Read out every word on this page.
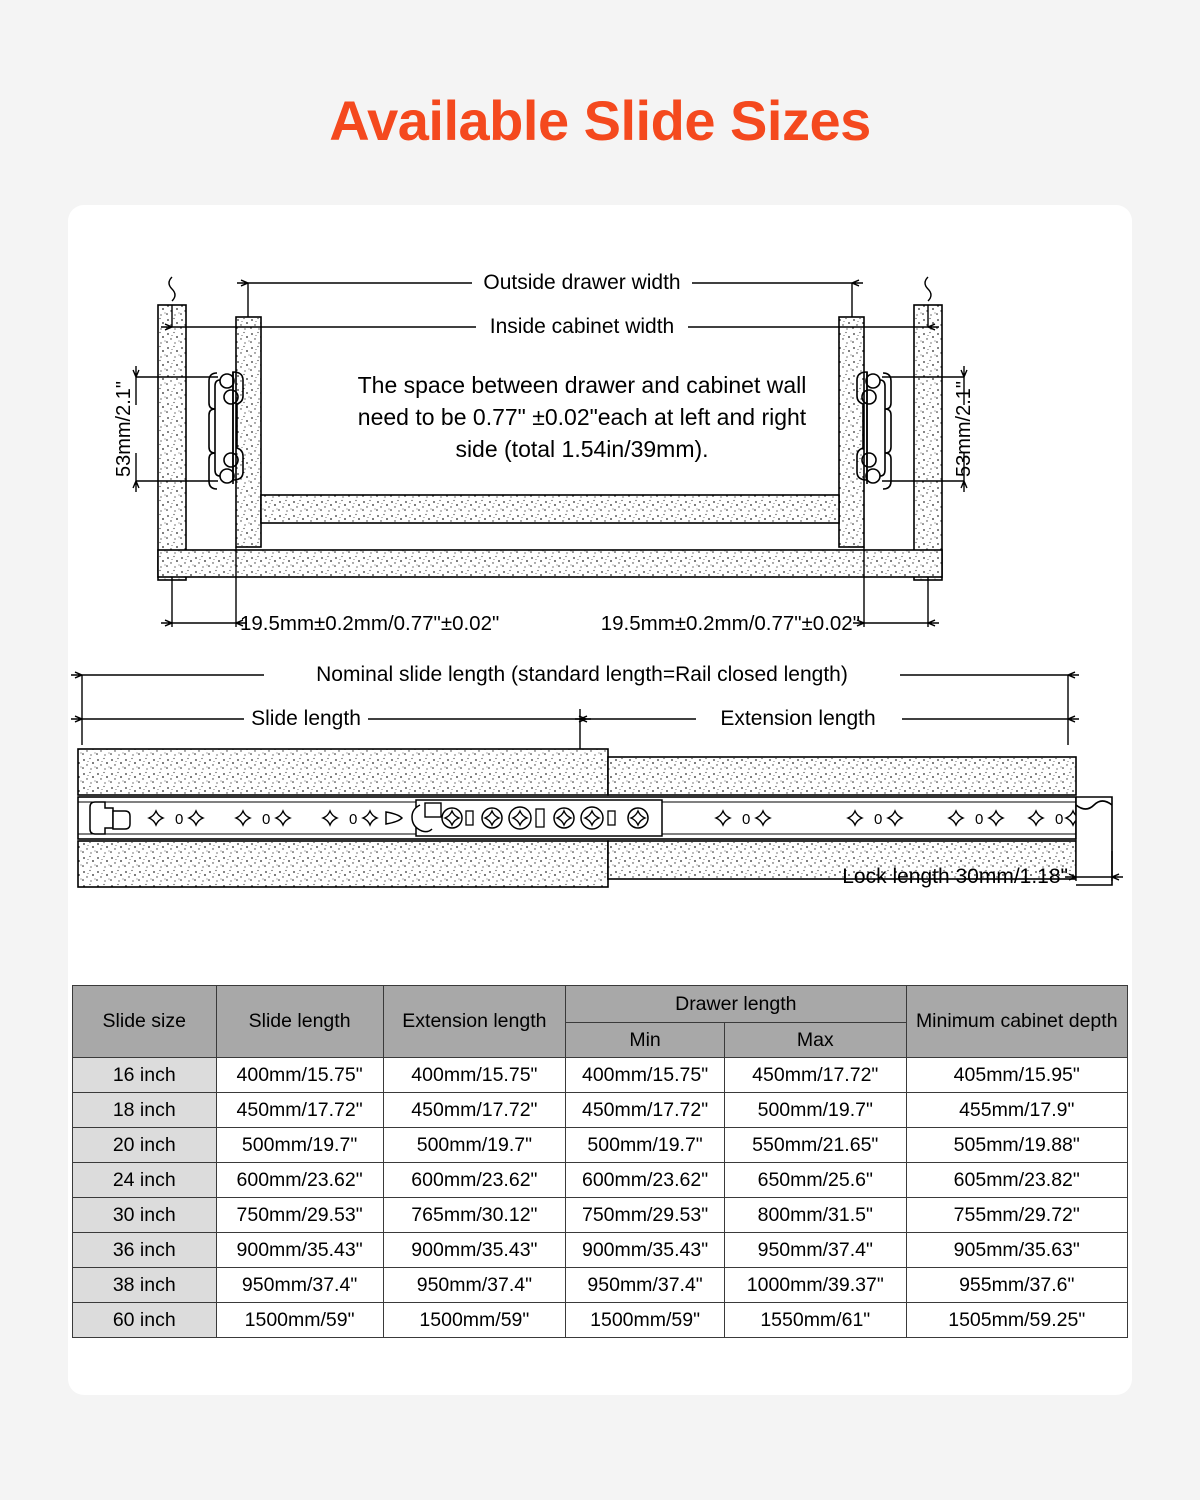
Available Slide Sizes
Outside drawer width
Inside cabinet width
The space between drawer and cabinet wall
need to be 0.77" ±0.02"each at left and right
side (total 1.54in/39mm).
53mm/2.1"	53mm/2.1"
19.5mm±0.2mm/0.77"±0.02"	19.5mm±0.2mm/0.77"±0.02"
Nominal slide length (standard length=Rail closed length)
Slide length	Extension length
0	0	0	0	0	0	0
Lock length 30mm/1.18"
Slide size	Slide length	Extension length	Drawer length		Minimum cabinet depth
			Min	Max	
16 inch	400mm/15.75"	400mm/15.75"	400mm/15.75"	450mm/17.72"	405mm/15.95"
18 inch	450mm/17.72"	450mm/17.72"	450mm/17.72"	500mm/19.7"	455mm/17.9"
20 inch	500mm/19.7"	500mm/19.7"	500mm/19.7"	550mm/21.65"	505mm/19.88"
24 inch	600mm/23.62"	600mm/23.62"	600mm/23.62"	650mm/25.6"	605mm/23.82"
30 inch	750mm/29.53"	765mm/30.12"	750mm/29.53"	800mm/31.5"	755mm/29.72"
36 inch	900mm/35.43"	900mm/35.43"	900mm/35.43"	950mm/37.4"	905mm/35.63"
38 inch	950mm/37.4"	950mm/37.4"	950mm/37.4"	1000mm/39.37"	955mm/37.6"
60 inch	1500mm/59"	1500mm/59"	1500mm/59"	1550mm/61"	1505mm/59.25"
